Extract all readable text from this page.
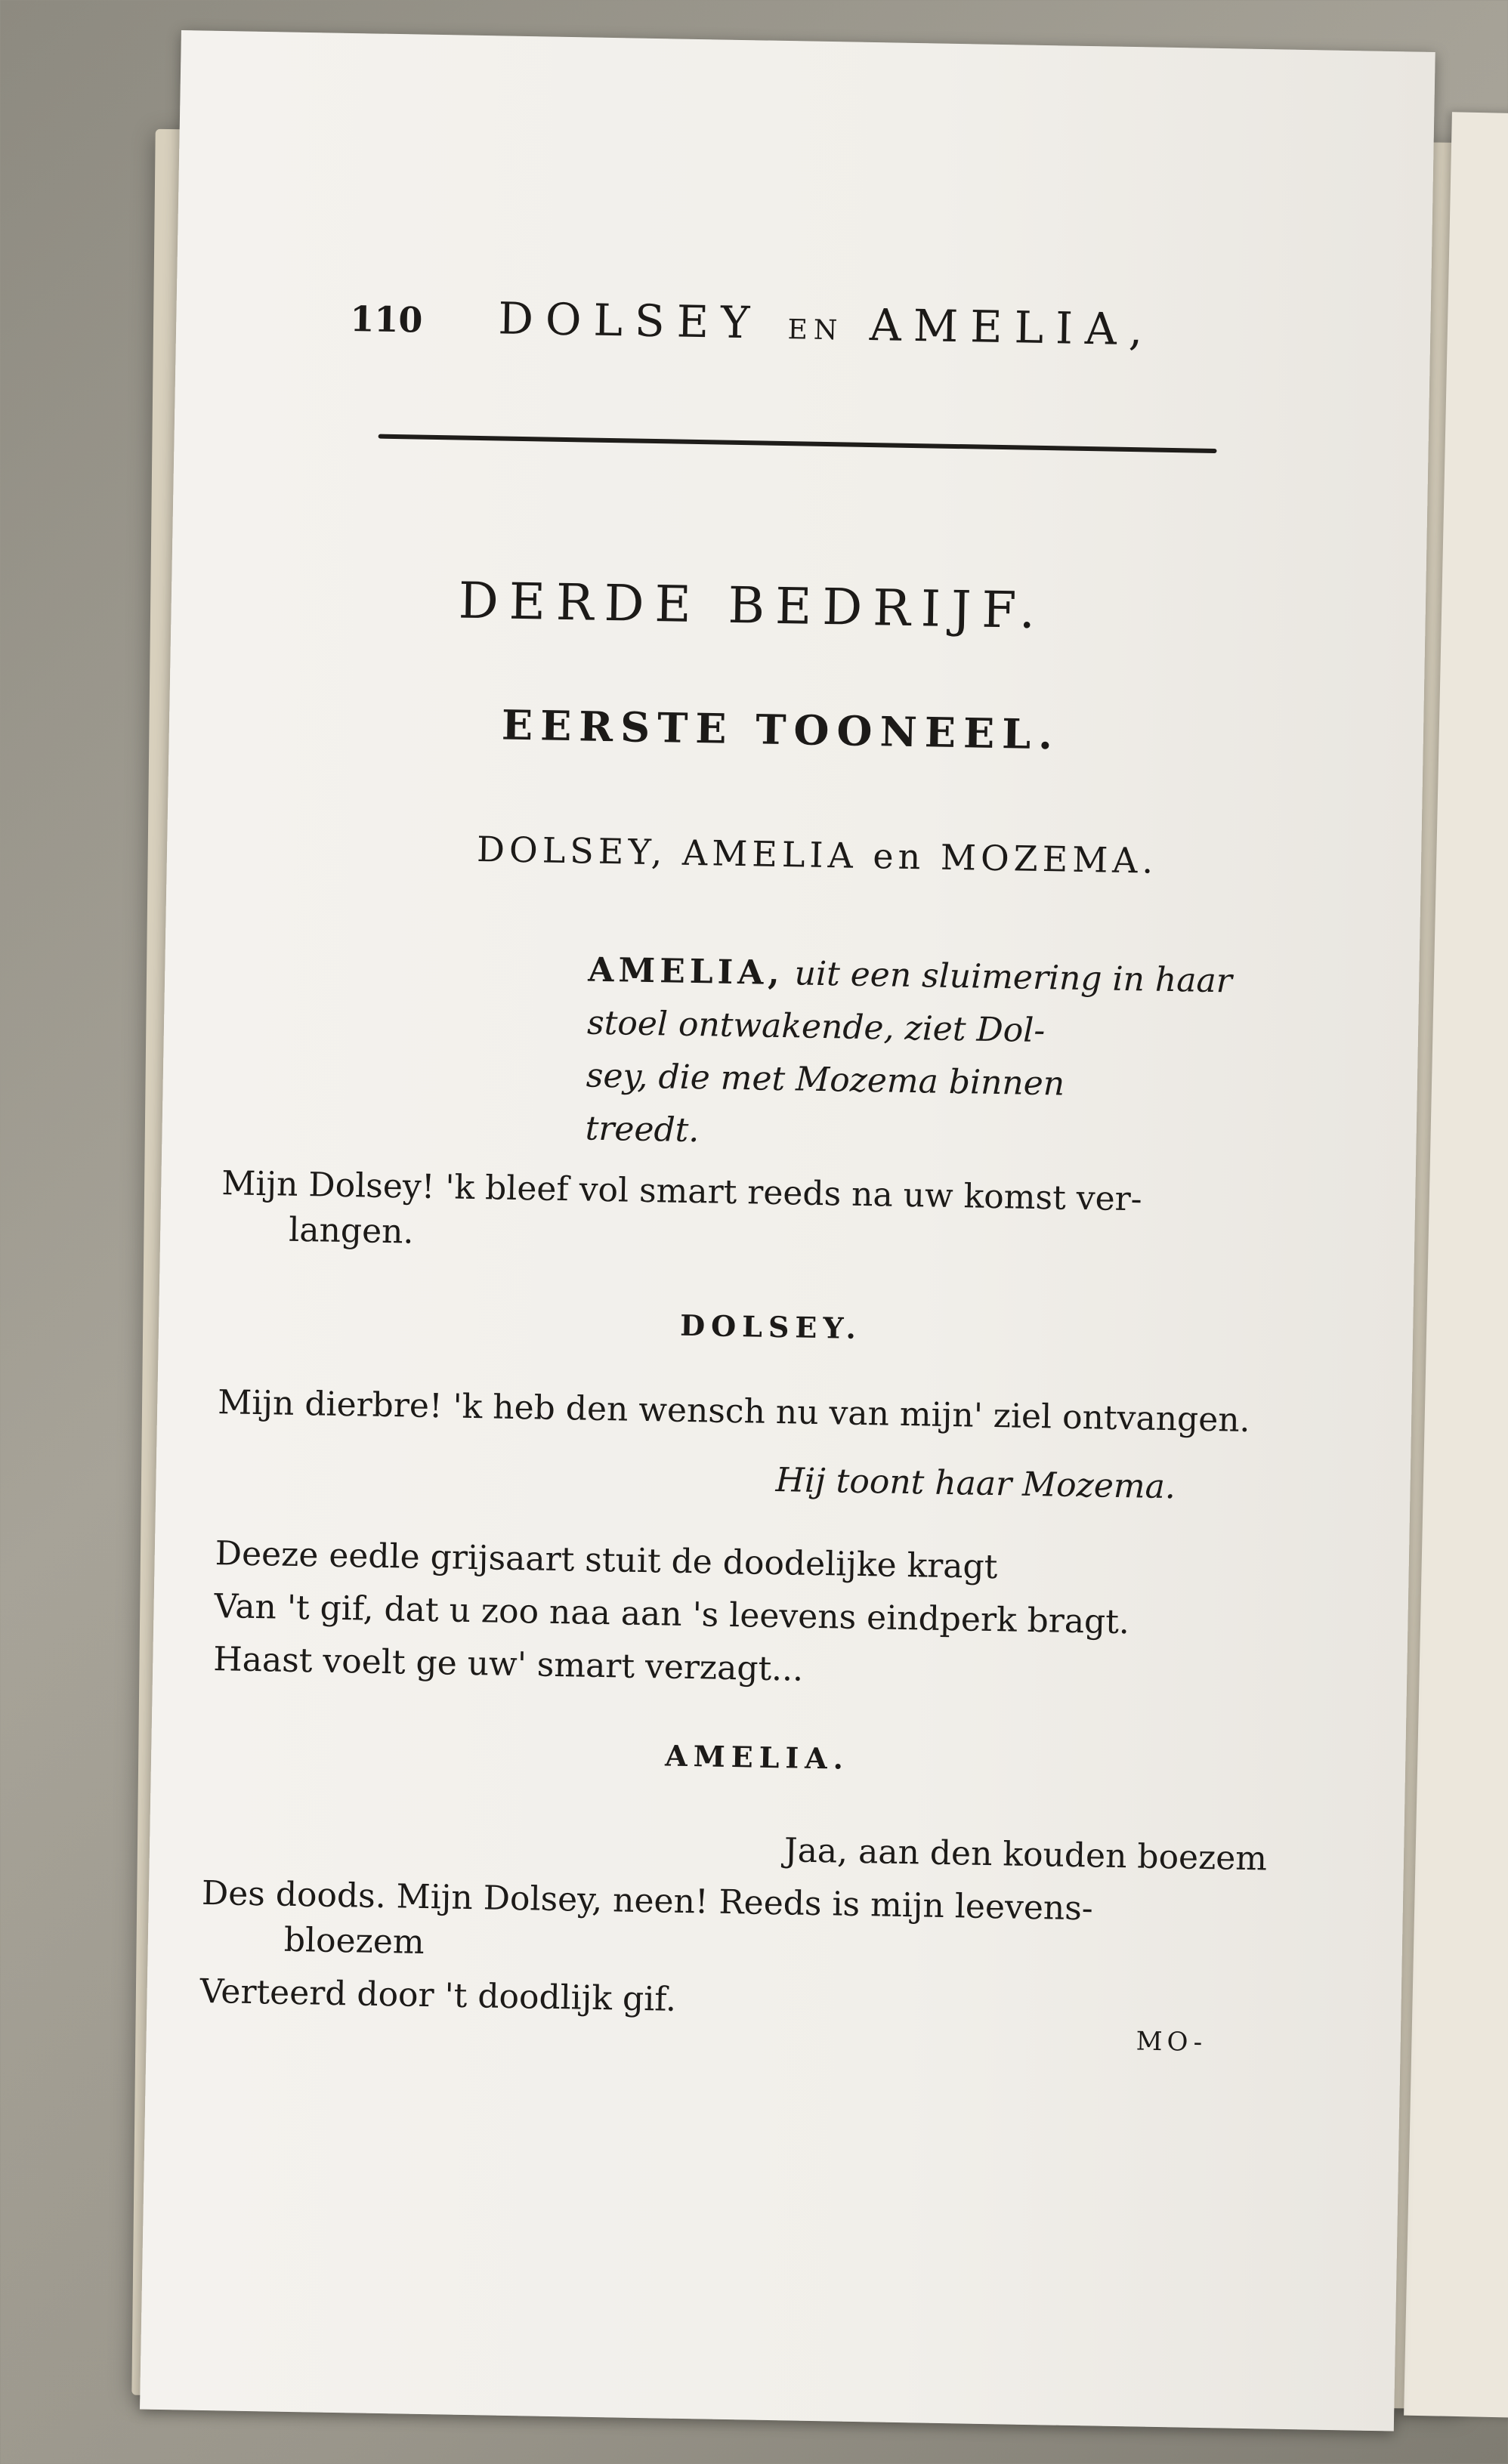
110 DOLSEY EN AMELIA,
DERDE BEDRIJF.
EERSTE TOONEEL.
DOLSEY, AMELIA en MOZEMA.
AMELIA, uit een sluimering in haar
stoel ontwakende, ziet Dol-
sey, die met Mozema binnen
treedt.
Mijn Dolsey! 'k bleef vol smart reeds na uw komst ver-
langen.
DOLSEY.
Mijn dierbre! 'k heb den wensch nu van mijn' ziel ontvangen.
Hij toont haar Mozema.
Deeze eedle grijsaart stuit de doodelijke kragt
Van 't gif, dat u zoo naa aan 's leevens eindperk bragt.
Haast voelt ge uw' smart verzagt...
AMELIA.
Jaa, aan den kouden boezem
Des doods. Mijn Dolsey, neen! Reeds is mijn leevens-
bloezem
Verteerd door 't doodlijk gif.
MO-
